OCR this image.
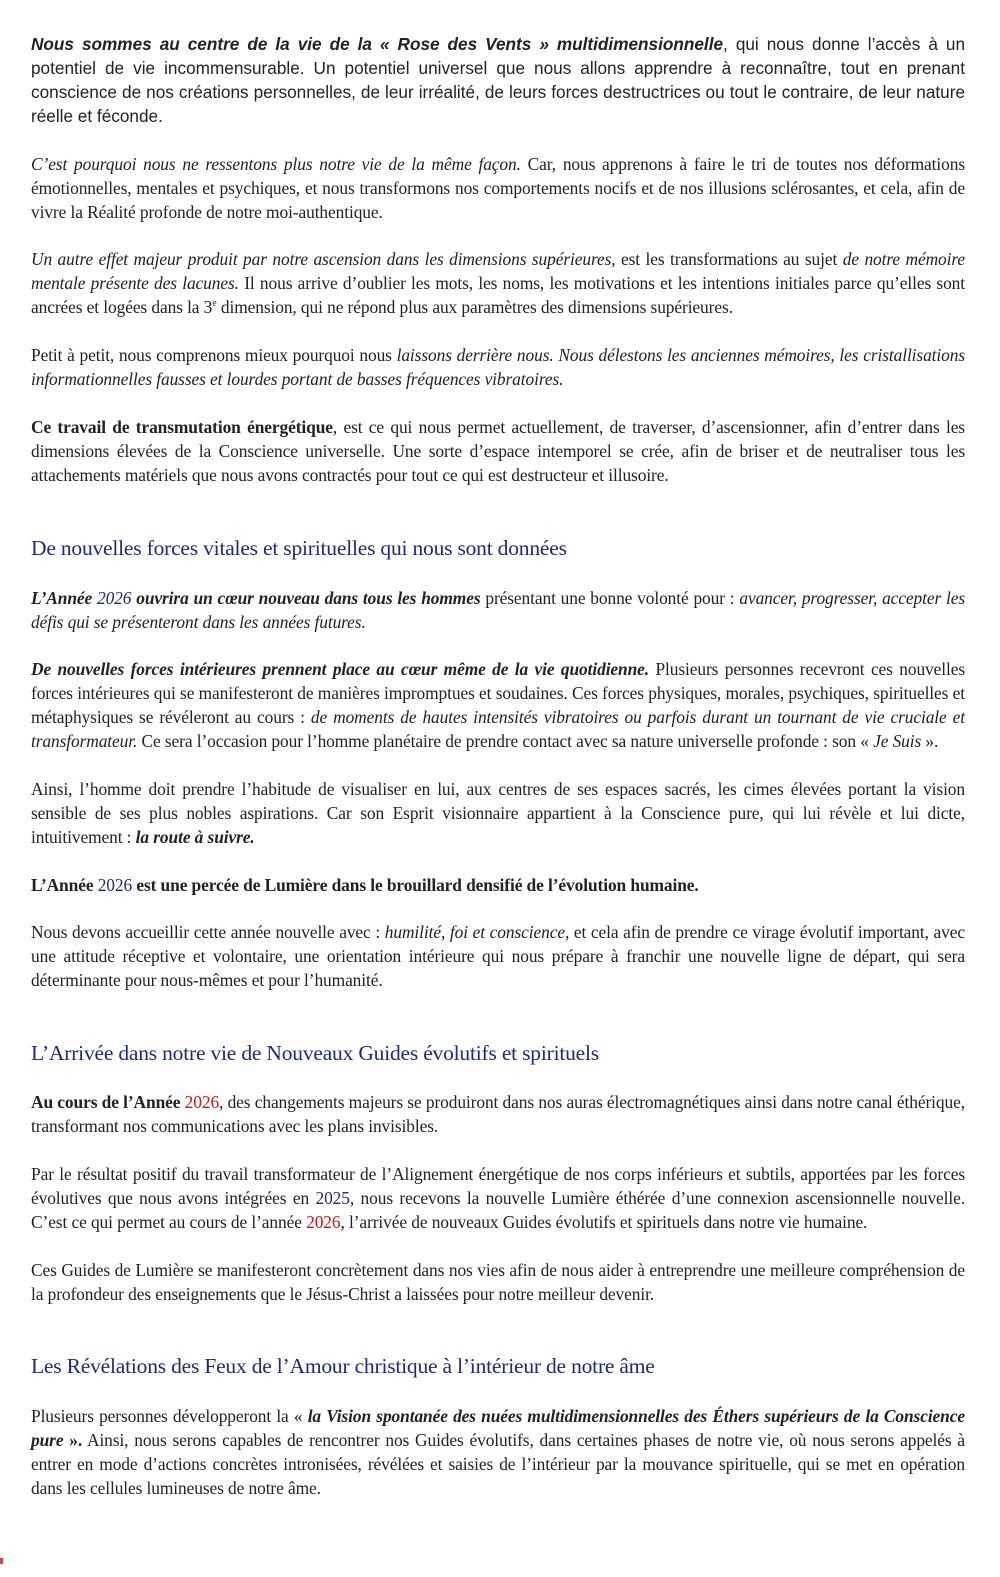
Nous sommes au centre de la vie de la « Rose des Vents » multidimensionnelle, qui nous donne l’accès à un potentiel de vie incommensurable. Un potentiel universel que nous allons apprendre à reconnaître, tout en prenant conscience de nos créations personnelles, de leur irréalité, de leurs forces destructrices ou tout le contraire, de leur nature réelle et féconde.

C’est pourquoi nous ne ressentons plus notre vie de la même façon. Car, nous apprenons à faire le tri de toutes nos déformations émotionnelles, mentales et psychiques, et nous transformons nos comportements nocifs et de nos illusions sclérosantes, et cela, afin de vivre la Réalité profonde de notre moi-authentique.

Un autre effet majeur produit par notre ascension dans les dimensions supérieures, est les transformations au sujet de notre mémoire mentale présente des lacunes. Il nous arrive d’oublier les mots, les noms, les motivations et les intentions initiales parce qu’elles sont ancrées et logées dans la 3e dimension, qui ne répond plus aux paramètres des dimensions supérieures.

Petit à petit, nous comprenons mieux pourquoi nous laissons derrière nous. Nous délestons les anciennes mémoires, les cristallisations informationnelles fausses et lourdes portant de basses fréquences vibratoires.

Ce travail de transmutation énergétique, est ce qui nous permet actuellement, de traverser, d’ascensionner, afin d’entrer dans les dimensions élevées de la Conscience universelle. Une sorte d’espace intemporel se crée, afin de briser et de neutraliser tous les attachements matériels que nous avons contractés pour tout ce qui est destructeur et illusoire.

De nouvelles forces vitales et spirituelles qui nous sont données

L’Année 2026 ouvrira un cœur nouveau dans tous les hommes présentant une bonne volonté pour : avancer, progresser, accepter les défis qui se présenteront dans les années futures.

De nouvelles forces intérieures prennent place au cœur même de la vie quotidienne. Plusieurs personnes recevront ces nouvelles forces intérieures qui se manifesteront de manières impromptues et soudaines. Ces forces physiques, morales, psychiques, spirituelles et métaphysiques se révéleront au cours : de moments de hautes intensités vibratoires ou parfois durant un tournant de vie cruciale et transformateur. Ce sera l’occasion pour l’homme planétaire de prendre contact avec sa nature universelle profonde : son « Je Suis ».

Ainsi, l’homme doit prendre l’habitude de visualiser en lui, aux centres de ses espaces sacrés, les cimes élevées portant la vision sensible de ses plus nobles aspirations. Car son Esprit visionnaire appartient à la Conscience pure, qui lui révèle et lui dicte, intuitivement : la route à suivre.

L’Année 2026 est une percée de Lumière dans le brouillard densifié de l’évolution humaine.

Nous devons accueillir cette année nouvelle avec : humilité, foi et conscience, et cela afin de prendre ce virage évolutif important, avec une attitude réceptive et volontaire, une orientation intérieure qui nous prépare à franchir une nouvelle ligne de départ, qui sera déterminante pour nous-mêmes et pour l’humanité.

L’Arrivée dans notre vie de Nouveaux Guides évolutifs et spirituels

Au cours de l’Année 2026, des changements majeurs se produiront dans nos auras électromagnétiques ainsi dans notre canal éthérique, transformant nos communications avec les plans invisibles.

Par le résultat positif du travail transformateur de l’Alignement énergétique de nos corps inférieurs et subtils, apportées par les forces évolutives que nous avons intégrées en 2025, nous recevons la nouvelle Lumière éthérée d’une connexion ascensionnelle nouvelle. C’est ce qui permet au cours de l’année 2026, l’arrivée de nouveaux Guides évolutifs et spirituels dans notre vie humaine.

Ces Guides de Lumière se manifesteront concrètement dans nos vies afin de nous aider à entreprendre une meilleure compréhension de la profondeur des enseignements que le Jésus-Christ a laissées pour notre meilleur devenir.

Les Révélations des Feux de l’Amour christique à l’intérieur de notre âme

Plusieurs personnes développeront la « la Vision spontanée des nuées multidimensionnelles des Éthers supérieurs de la Conscience pure ». Ainsi, nous serons capables de rencontrer nos Guides évolutifs, dans certaines phases de notre vie, où nous serons appelés à entrer en mode d’actions concrètes intronisées, révélées et saisies de l’intérieur par la mouvance spirituelle, qui se met en opération dans les cellules lumineuses de notre âme.
